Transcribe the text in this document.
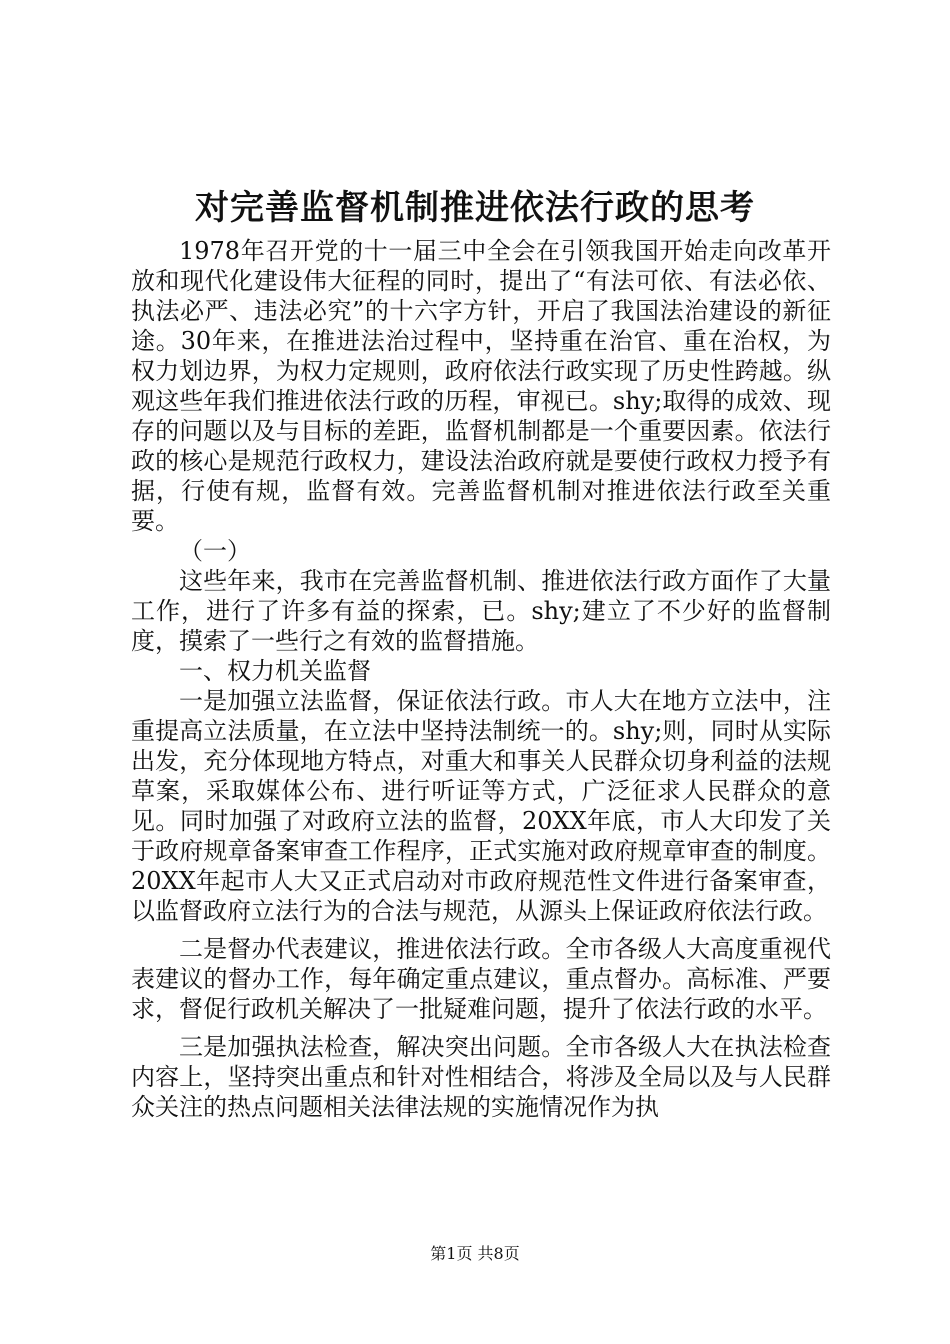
对完善监督机制推进依法行政的思考

1978年召开党的十一届三中全会在引领我国开始走向改革开放和现代化建设伟大征程的同时，提出了“有法可依、有法必依、执法必严、违法必究”的十六字方针，开启了我国法治建设的新征途。30年来，在推进法治过程中，坚持重在治官、重在治权，为权力划边界，为权力定规则，政府依法行政实现了历史性跨越。纵观这些年我们推进依法行政的历程，审视已。shy;取得的成效、现存的问题以及与目标的差距，监督机制都是一个重要因素。依法行政的核心是规范行政权力，建设法治政府就是要使行政权力授予有据，行使有规，监督有效。完善监督机制对推进依法行政至关重要。

（一）

这些年来，我市在完善监督机制、推进依法行政方面作了大量工作，进行了许多有益的探索，已。shy;建立了不少好的监督制度，摸索了一些行之有效的监督措施。

一、权力机关监督

一是加强立法监督，保证依法行政。市人大在地方立法中，注重提高立法质量，在立法中坚持法制统一的。shy;则，同时从实际出发，充分体现地方特点，对重大和事关人民群众切身利益的法规草案，采取媒体公布、进行听证等方式，广泛征求人民群众的意见。同时加强了对政府立法的监督，20XX年底，市人大印发了关于政府规章备案审查工作程序，正式实施对政府规章审查的制度。20XX年起市人大又正式启动对市政府规范性文件进行备案审查，以监督政府立法行为的合法与规范，从源头上保证政府依法行政。

二是督办代表建议，推进依法行政。全市各级人大高度重视代表建议的督办工作，每年确定重点建议，重点督办。高标准、严要求，督促行政机关解决了一批疑难问题，提升了依法行政的水平。

三是加强执法检查，解决突出问题。全市各级人大在执法检查内容上，坚持突出重点和针对性相结合，将涉及全局以及与人民群众关注的热点问题相关法律法规的实施情况作为执

第1页 共8页
